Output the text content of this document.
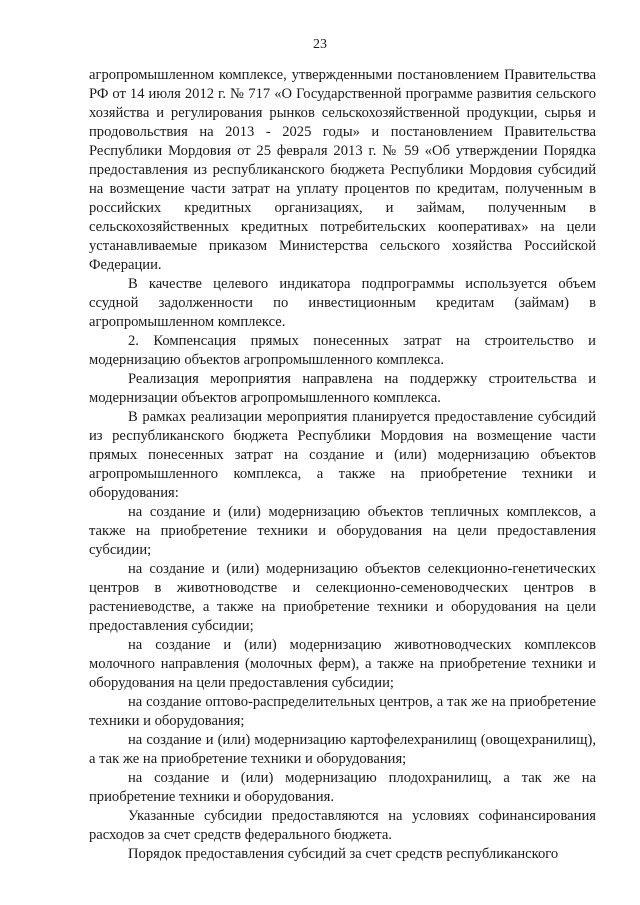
23

агропромышленном комплексе, утвержденными постановлением Правительства РФ от 14 июля 2012 г. № 717 «О Государственной программе развития сельского хозяйства и регулирования рынков сельскохозяйственной продукции, сырья и продовольствия на 2013 - 2025 годы» и постановлением Правительства Республики Мордовия от 25 февраля 2013 г. № 59 «Об утверждении Порядка предоставления из республиканского бюджета Республики Мордовия субсидий на возмещение части затрат на уплату процентов по кредитам, полученным в российских кредитных организациях, и займам, полученным в сельскохозяйственных кредитных потребительских кооперативах» на цели устанавливаемые приказом Министерства сельского хозяйства Российской Федерации.

В качестве целевого индикатора подпрограммы используется объем ссудной задолженности по инвестиционным кредитам (займам) в агропромышленном комплексе.

2. Компенсация прямых понесенных затрат на строительство и модернизацию объектов агропромышленного комплекса.

Реализация мероприятия направлена на поддержку строительства и модернизации объектов агропромышленного комплекса.

В рамках реализации мероприятия планируется предоставление субсидий из республиканского бюджета Республики Мордовия на возмещение части прямых понесенных затрат на создание и (или) модернизацию объектов агропромышленного комплекса, а также на приобретение техники и оборудования:

на создание и (или) модернизацию объектов тепличных комплексов, а также на приобретение техники и оборудования на цели предоставления субсидии;

на создание и (или) модернизацию объектов селекционно-генетических центров в животноводстве и селекционно-семеноводческих центров в растениеводстве, а также на приобретение техники и оборудования на цели предоставления субсидии;

на создание и (или) модернизацию животноводческих комплексов молочного направления (молочных ферм), а также на приобретение техники и оборудования на цели предоставления субсидии;

на создание оптово-распределительных центров, а так же на приобретение техники и оборудования;

на создание и (или) модернизацию картофелехранилищ (овощехранилищ), а так же на приобретение техники и оборудования;

на создание и (или) модернизацию плодохранилищ, а так же на приобретение техники и оборудования.

Указанные субсидии предоставляются на условиях софинансирования расходов за счет средств федерального бюджета.

Порядок предоставления субсидий за счет средств республиканского
